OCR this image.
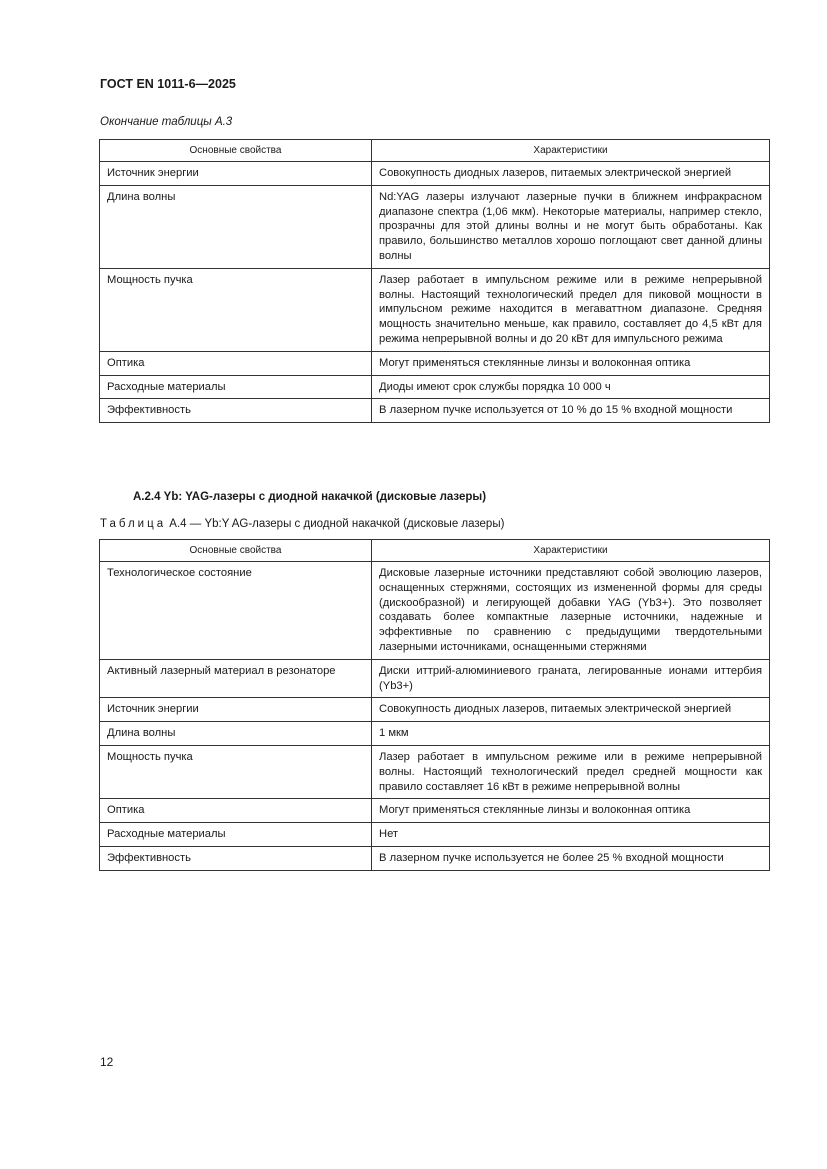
ГОСТ EN 1011-6—2025
Окончание таблицы А.3
Основные свойства	Характеристики
Источник энергии	Совокупность диодных лазеров, питаемых электрической энергией
Длина волны	Nd:YAG лазеры излучают лазерные пучки в ближнем инфракрасном диапазоне спектра (1,06 мкм). Некоторые материалы, например стекло, прозрачны для этой длины волны и не могут быть обработаны. Как правило, большинство металлов хорошо поглощают свет данной длины волны
Мощность пучка	Лазер работает в импульсном режиме или в режиме непрерывной волны. Настоящий технологический предел для пиковой мощности в импульсном режиме находится в мегаваттном диапазоне. Средняя мощность значительно меньше, как правило, составляет до 4,5 кВт для режима непрерывной волны и до 20 кВт для импульсного режима
Оптика	Могут применяться стеклянные линзы и волоконная оптика
Расходные материалы	Диоды имеют срок службы порядка 10 000 ч
Эффективность	В лазерном пучке используется от 10 % до 15 % входной мощности
А.2.4 Yb: YAG-лазеры с диодной накачкой (дисковые лазеры)
Таблица А.4 — Yb:Y AG-лазеры с диодной накачкой (дисковые лазеры)
Основные свойства	Характеристики
Технологическое состояние	Дисковые лазерные источники представляют собой эволюцию лазеров, оснащенных стержнями, состоящих из измененной формы для среды (дискообразной) и легирующей добавки YAG (Yb3+). Это позволяет создавать более компактные лазерные источники, надежные и эффективные по сравнению с предыдущими твердотельными лазерными источниками, оснащенными стержнями
Активный лазерный материал в резонаторе	Диски иттрий-алюминиевого граната, легированные ионами иттербия (Yb3+)
Источник энергии	Совокупность диодных лазеров, питаемых электрической энергией
Длина волны	1 мкм
Мощность пучка	Лазер работает в импульсном режиме или в режиме непрерывной волны. Настоящий технологический предел средней мощности как правило составляет 16 кВт в режиме непрерывной волны
Оптика	Могут применяться стеклянные линзы и волоконная оптика
Расходные материалы	Нет
Эффективность	В лазерном пучке используется не более 25 % входной мощности
12
